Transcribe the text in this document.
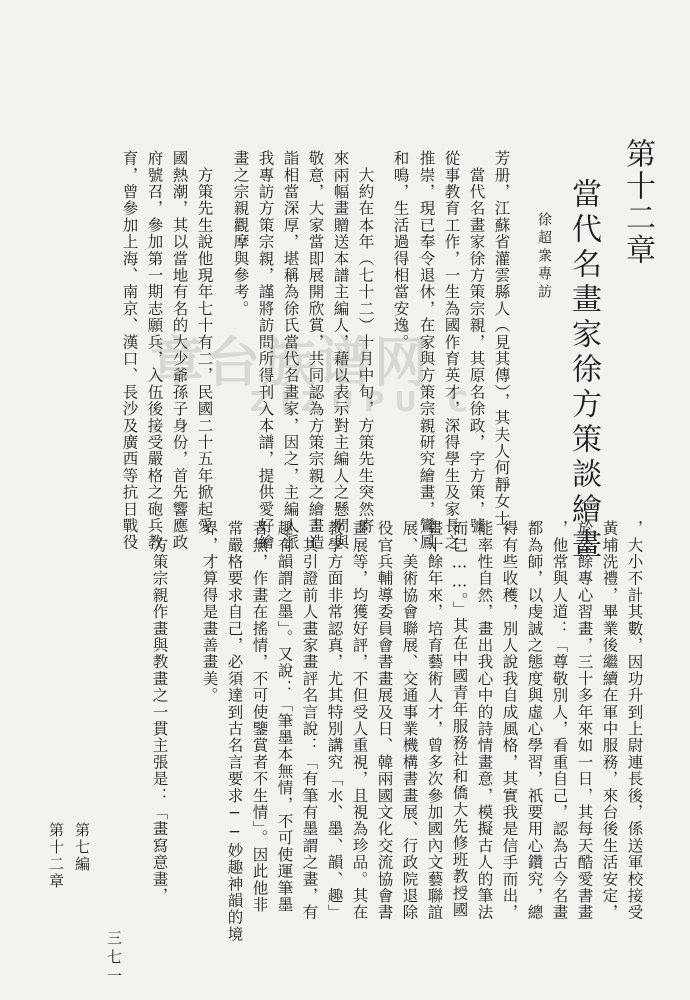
第十二章
當代名畫家徐方策談繪畫
徐超衆專訪
芳册，江蘇省灌雲縣人（見其傳），其夫人何靜女士，
　當代名畫家徐方策宗親，其原名徐政，字方策，號
從事教育工作，一生為國作育英才，深得學生及家長之
推崇，現已奉令退休，在家與方策宗親研究繪畫，鸞鳳
和鳴，生活過得相當安逸。
　大約在本年（七十二）十月中旬，方策先生突然寄
來兩幅畫贈送本譜主編人，藉以表示對主編人之懸問與
敬意，大家當即展開欣賞，共同認為方策宗親之繪畫造
詣相當深厚，堪稱為徐氏當代名畫家，因之，主編人派
我專訪方策宗親，謹將訪問所得刊入本譜，提供愛好繪
畫之宗親觀摩與參考。
　方策先生說他現年七十有二，民國二十五年掀起愛
國熱潮，其以當地有名的大少爺孫子身份，首先響應政
府號召，參加第一期志願兵，入伍後接受嚴格之砲兵教
育，曾參加上海、南京、漢口、長沙及廣西等抗日戰役
，大小不計其數，因功升到上尉連長後，係送軍校接受
黃埔洗禮，畢業後繼續在軍中服務，來台後生活安定，
於公餘專心習畫，三十多年來如一日，其每天酷愛書畫
，他常與人道：「尊敬別人，看重自己，認為古今名畫
都為師，以虔誠之態度與虛心學習，祇要用心鑽究，總
得有些收穫，別人說我自成風格，其實我是信手而出，
能率性自然，畫出我心中的詩情畫意，模擬古人的筆法
而已……。」其在中國青年服務社和僑大先修班教授國
畫十餘年來，培育藝術人才，曾多次參加國內文藝聯誼
展、美術協會聯展、交通事業機構書畫展、行政院退除
役官兵輔導委員會書畫展及日、韓兩國文化交流協會書
畫展等，均獲好評，不但受人重視，且視為珍品。其在
教學方面非常認真，尤其特別講究「水、墨、韻、趣」
，其引證前人畫家畫評名言說：「有筆有墨謂之畫，有
趣有韻謂之墨」。又說：「筆墨本無情，不可使運筆墨
者無，作畫在搖情，不可使鑒賞者不生情」。因此他非
常嚴格要求自己，必須達到古名言要求──妙趣神韻的境
界，才算得是畫善畫美。
　方策宗親作畫與教畫之一貫主張是：「畫寫意畫，
第七編
第十二章
三七一
章台族谱网
ZIZUPU.C
